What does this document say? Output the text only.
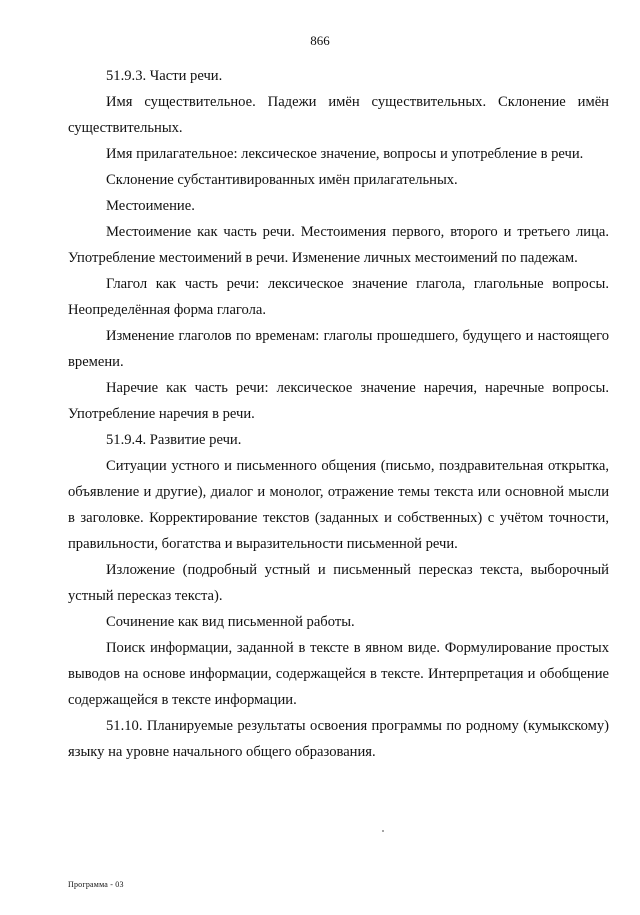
866

51.9.3. Части речи.

Имя существительное. Падежи имён существительных. Склонение имён существительных.

Имя прилагательное: лексическое значение, вопросы и употребление в речи.

Склонение субстантивированных имён прилагательных.

Местоимение.

Местоимение как часть речи. Местоимения первого, второго и третьего лица. Употребление местоимений в речи. Изменение личных местоимений по падежам.

Глагол как часть речи: лексическое значение глагола, глагольные вопросы. Неопределённая форма глагола.

Изменение глаголов по временам: глаголы прошедшего, будущего и настоящего времени.

Наречие как часть речи: лексическое значение наречия, наречные вопросы. Употребление наречия в речи.

51.9.4. Развитие речи.

Ситуации устного и письменного общения (письмо, поздравительная открытка, объявление и другие), диалог и монолог, отражение темы текста или основной мысли в заголовке. Корректирование текстов (заданных и собственных) с учётом точности, правильности, богатства и выразительности письменной речи.

Изложение (подробный устный и письменный пересказ текста, выборочный устный пересказ текста).

Сочинение как вид письменной работы.

Поиск информации, заданной в тексте в явном виде. Формулирование простых выводов на основе информации, содержащейся в тексте. Интерпретация и обобщение содержащейся в тексте информации.

51.10. Планируемые результаты освоения программы по родному (кумыкскому) языку на уровне начального общего образования.

Программа - 03
